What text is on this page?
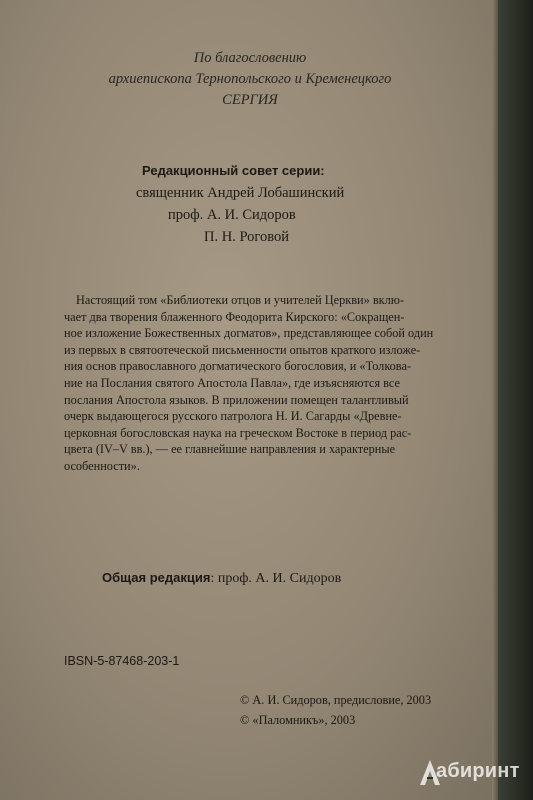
По благословению
архиепископа Тернопольского и Кременецкого
СЕРГИЯ
Редакционный совет серии:
священник Андрей Лобашинский
проф. А. И. Сидоров
П. Н. Роговой
Настоящий том «Библиотеки отцов и учителей Церкви» вклю-
чает два творения блаженного Феодорита Кирского: «Сокращен-
ное изложение Божественных догматов», представляющее собой один
из первых в святоотеческой письменности опытов краткого изложе-
ния основ православного догматического богословия, и «Толкова-
ние на Послания святого Апостола Павла», где изъясняются все
послания Апостола языков. В приложении помещен талантливый
очерк выдающегося русского патролога Н. И. Сагарды «Древне-
церковная богословская наука на греческом Востоке в период рас-
цвета (IV–V вв.), — ее главнейшие направления и характерные
особенности».
Общая редакция: проф. А. И. Сидоров
IBSN-5-87468-203-1
© А. И. Сидоров, предисловие, 2003
© «Паломникъ», 2003
абиринт
